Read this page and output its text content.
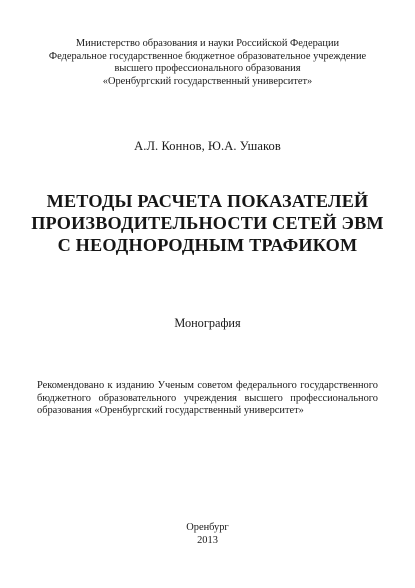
Министерство образования и науки Российской Федерации
Федеральное государственное бюджетное образовательное учреждение
высшего профессионального образования
«Оренбургский государственный университет»
А.Л. Коннов, Ю.А. Ушаков
МЕТОДЫ РАСЧЕТА ПОКАЗАТЕЛЕЙ
ПРОИЗВОДИТЕЛЬНОСТИ СЕТЕЙ ЭВМ
С НЕОДНОРОДНЫМ ТРАФИКОМ
Монография
Рекомендовано к изданию Ученым советом федерального государственного
бюджетного образовательного учреждения высшего профессионального
образования «Оренбургский государственный университет»
Оренбург
2013
